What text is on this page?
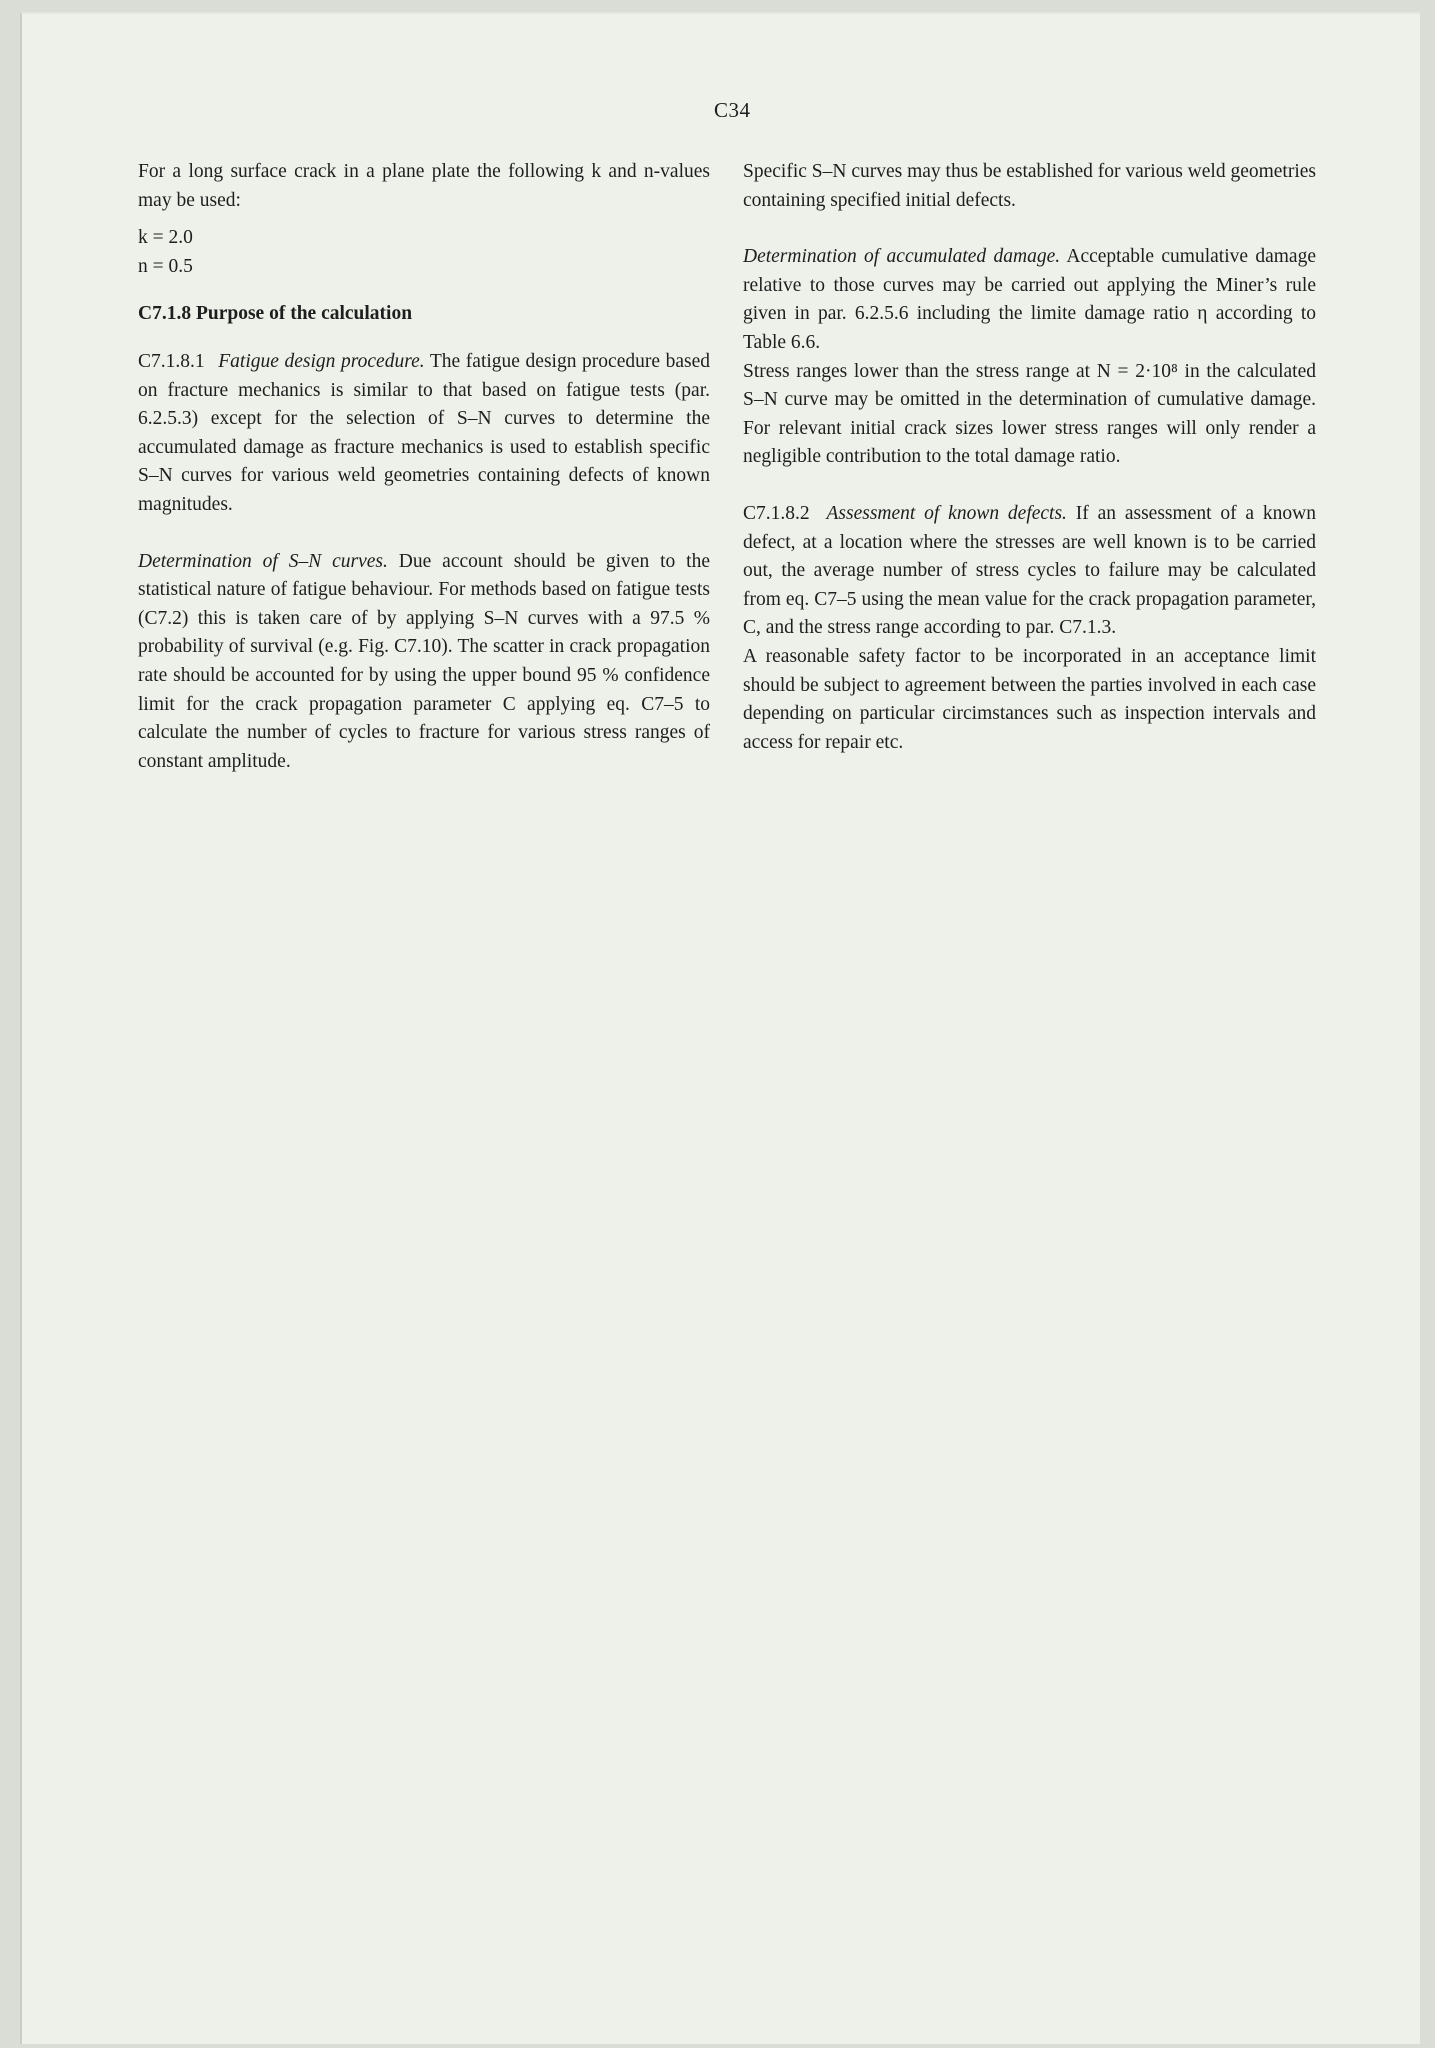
C34

For a long surface crack in a plane plate the following k and n-values may be used:

k = 2.0

n = 0.5

C7.1.8 Purpose of the calculation

C7.1.8.1 Fatigue design procedure. The fatigue design procedure based on fracture mechanics is similar to that based on fatigue tests (par. 6.2.5.3) except for the selection of S–N curves to determine the accumulated damage as fracture mechanics is used to establish specific S–N curves for various weld geometries containing defects of known magnitudes.

Determination of S–N curves. Due account should be given to the statistical nature of fatigue behaviour. For methods based on fatigue tests (C7.2) this is taken care of by applying S–N curves with a 97.5 % probability of survival (e.g. Fig. C7.10). The scatter in crack propagation rate should be accounted for by using the upper bound 95 % confidence limit for the crack propagation parameter C applying eq. C7–5 to calculate the number of cycles to fracture for various stress ranges of constant amplitude.

Specific S–N curves may thus be established for various weld geometries containing specified initial defects.

Determination of accumulated damage. Acceptable cumulative damage relative to those curves may be carried out applying the Miner’s rule given in par. 6.2.5.6 including the limite damage ratio η according to Table 6.6.

Stress ranges lower than the stress range at N = 2·10⁸ in the calculated S–N curve may be omitted in the determination of cumulative damage. For relevant initial crack sizes lower stress ranges will only render a negligible contribution to the total damage ratio.

C7.1.8.2 Assessment of known defects. If an assessment of a known defect, at a location where the stresses are well known is to be carried out, the average number of stress cycles to failure may be calculated from eq. C7–5 using the mean value for the crack propagation parameter, C, and the stress range according to par. C7.1.3.

A reasonable safety factor to be incorporated in an acceptance limit should be subject to agreement between the parties involved in each case depending on particular circimstances such as inspection intervals and access for repair etc.
